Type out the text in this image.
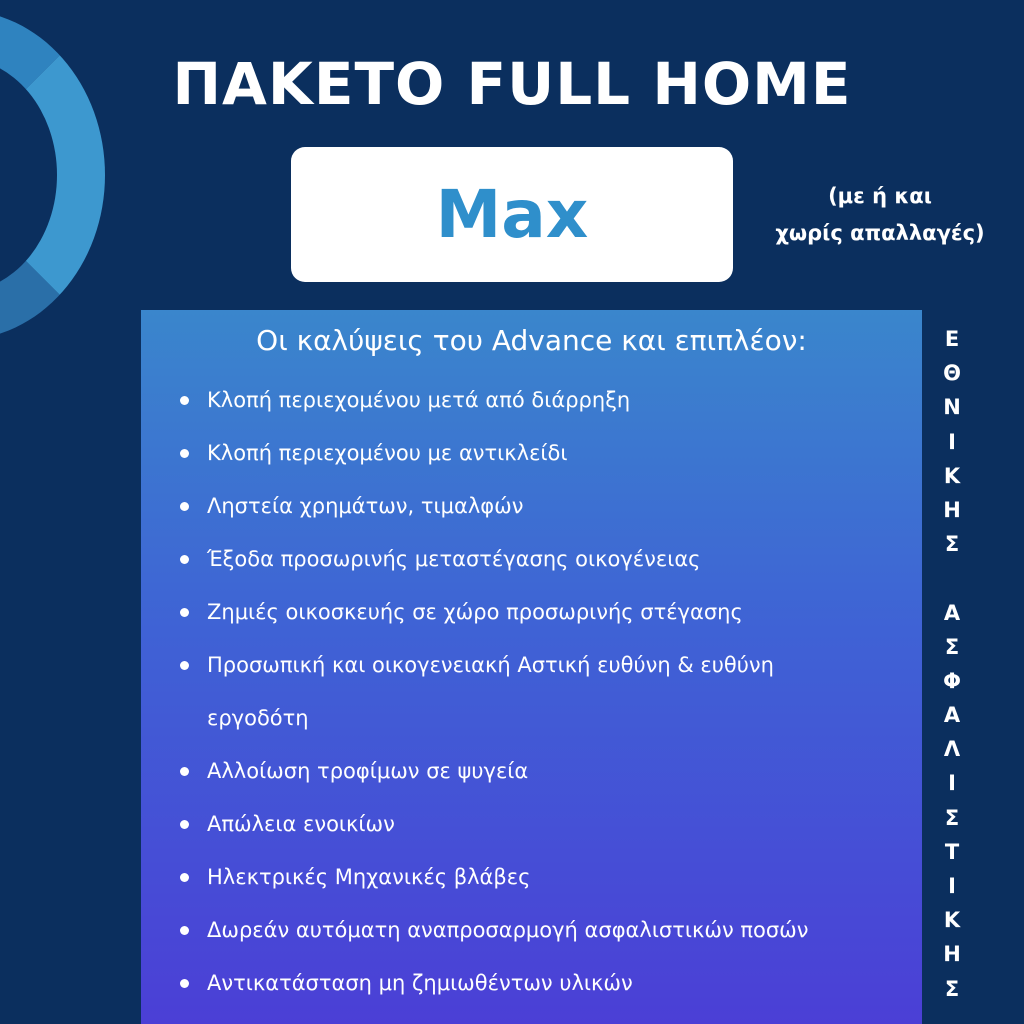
ΠΑΚΕΤΟ FULL HOME
Max	(με ή και
χωρίς απαλλαγές)
Οι καλύψεις του Advance και επιπλέον:
Κλοπή περιεχομένου μετά από διάρρηξη
Κλοπή περιεχομένου με αντικλείδι
Ληστεία χρημάτων, τιμαλφών
Έξοδα προσωρινής μεταστέγασης οικογένειας
Ζημιές οικοσκευής σε χώρο προσωρινής στέγασης
Προσωπική και οικογενειακή Αστική ευθύνη & ευθύνη
εργοδότη
Αλλοίωση τροφίμων σε ψυγεία
Απώλεια ενοικίων
Ηλεκτρικές Μηχανικές βλάβες
Δωρεάν αυτόματη αναπροσαρμογή ασφαλιστικών ποσών
Αντικατάσταση μη ζημιωθέντων υλικών
Ε
Θ
Ν
Ι
Κ
Η
Σ
Α
Σ
Φ
Α
Λ
Ι
Σ
Τ
Ι
Κ
Η
Σ
